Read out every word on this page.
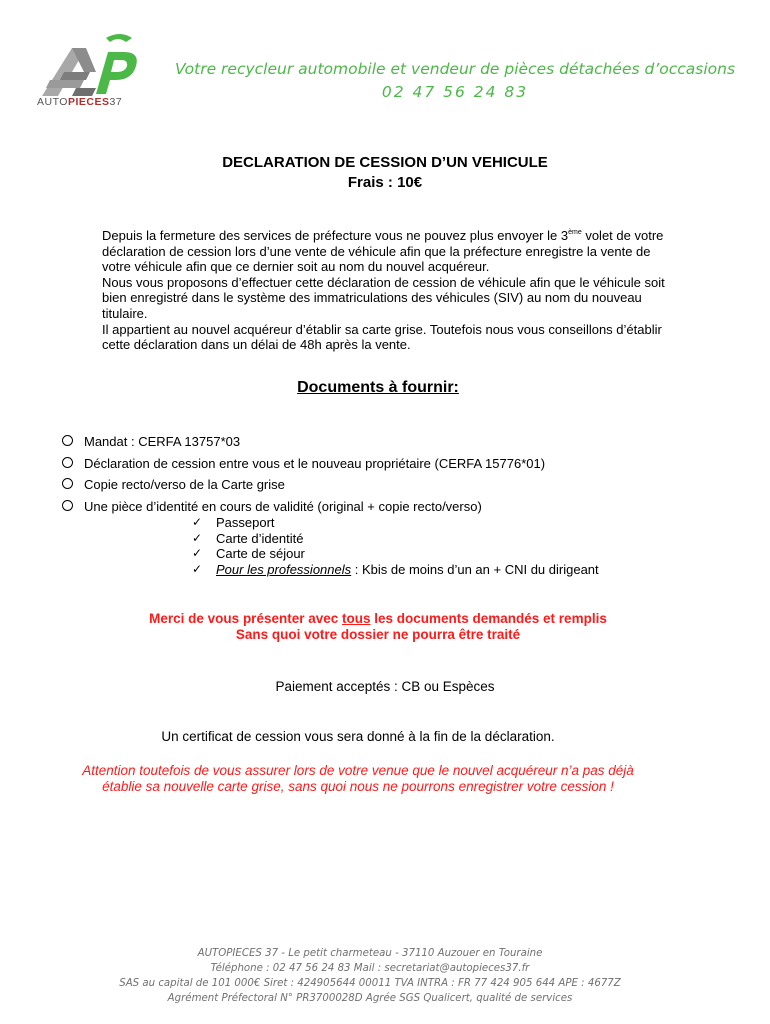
AUTOPIECES37
Votre recycleur automobile et vendeur de pièces détachées d’occasions
02 47 56 24 83
DECLARATION DE CESSION D’UN VEHICULE
Frais : 10€

Depuis la fermeture des services de préfecture vous ne pouvez plus envoyer le 3ème volet de votre déclaration de cession lors d’une vente de véhicule afin que la préfecture enregistre la vente de votre véhicule afin que ce dernier soit au nom du nouvel acquéreur.

Nous vous proposons d’effectuer cette déclaration de cession de véhicule afin que le véhicule soit bien enregistré dans le système des immatriculations des véhicules (SIV) au nom du nouveau titulaire.

Il appartient au nouvel acquéreur d’établir sa carte grise. Toutefois nous vous conseillons d’établir cette déclaration dans un délai de 48h après la vente.

Documents à fournir:
Mandat : CERFA 13757*03
Déclaration de cession entre vous et le nouveau propriétaire (CERFA 15776*01)
Copie recto/verso de la Carte grise
Une pièce d’identité en cours de validité (original + copie recto/verso)
✓ Passeport
✓ Carte d’identité
✓ Carte de séjour
✓ Pour les professionnels : Kbis de moins d’un an + CNI du dirigeant
Merci de vous présenter avec tous les documents demandés et remplis
Sans quoi votre dossier ne pourra être traité
Paiement acceptés : CB ou Espèces
Un certificat de cession vous sera donné à la fin de la déclaration.
Attention toutefois de vous assurer lors de votre venue que le nouvel acquéreur n’a pas déjà établie sa nouvelle carte grise, sans quoi nous ne pourrons enregistrer votre cession !
AUTOPIECES 37 - Le petit charmeteau - 37110 Auzouer en Touraine
Téléphone : 02 47 56 24 83 Mail : secretariat@autopieces37.fr
SAS au capital de 101 000€ Siret : 424905644 00011 TVA INTRA : FR 77 424 905 644 APE : 4677Z
Agrément Préfectoral N° PR3700028D Agrée SGS Qualicert, qualité de services
